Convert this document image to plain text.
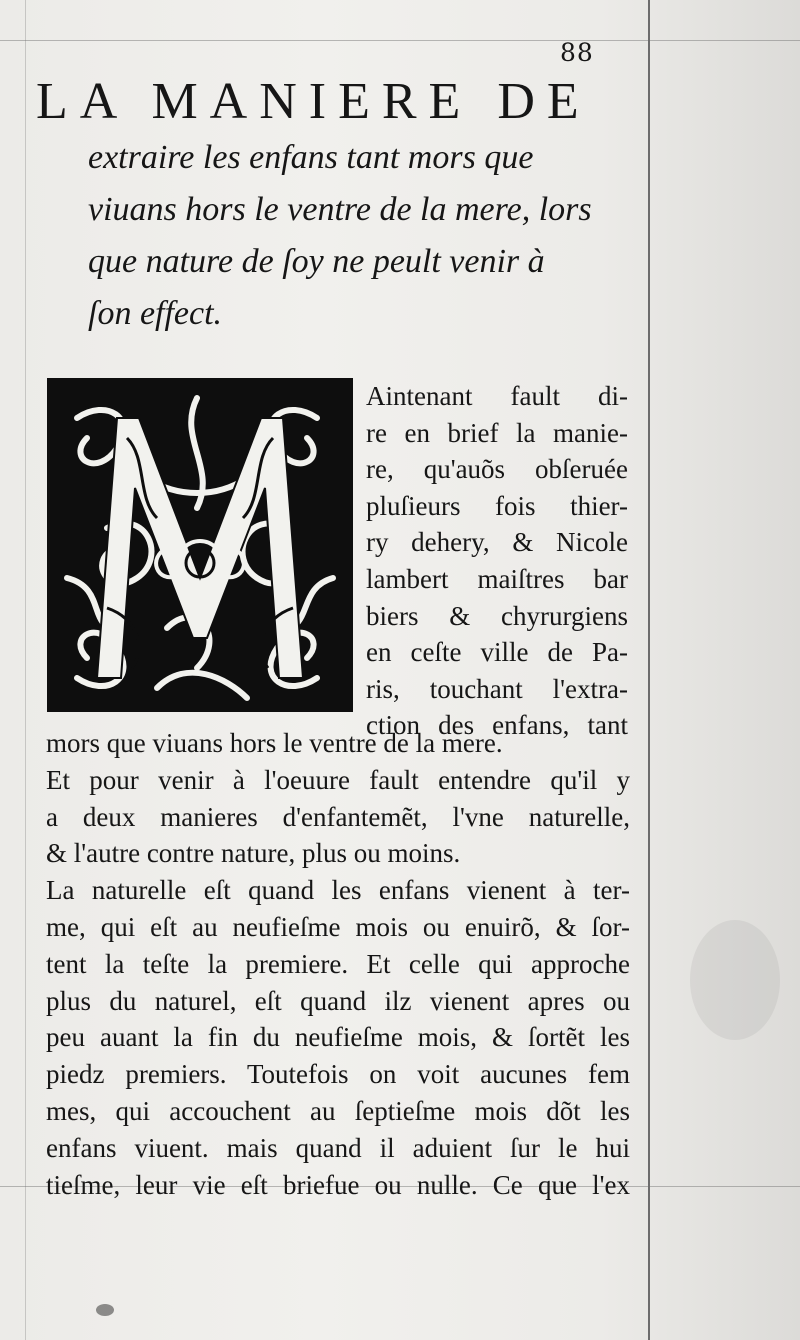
88
LA MANIERE DE
extraire les enfans tant mors que
viuans hors le ventre de la mere, lors
que nature de ſoy ne peult venir à
ſon effect.
Aintenant fault di-
re en brief la manie-
re, qu'auõs obſeruée
pluſieurs fois thier-
ry dehery, & Nicole
lambert maiſtres bar
biers & chyrurgiens
en ceſte ville de Pa-
ris, touchant l'extra-
ction des enfans, tant
mors que viuans hors le ventre de la mere.
Et pour venir à l'oeuure fault entendre qu'il y
a deux manieres d'enfantemẽt, l'vne naturelle,
& l'autre contre nature, plus ou moins.
La naturelle eſt quand les enfans vienent à ter-
me, qui eſt au neufieſme mois ou enuirõ, & ſor-
tent la teſte la premiere. Et celle qui approche
plus du naturel, eſt quand ilz vienent apres ou
peu auant la fin du neufieſme mois, & ſortẽt les
piedz premiers. Toutefois on voit aucunes fem
mes, qui accouchent au ſeptieſme mois dõt les
enfans viuent. mais quand il aduient ſur le hui
tieſme, leur vie eſt briefue ou nulle. Ce que l'ex
